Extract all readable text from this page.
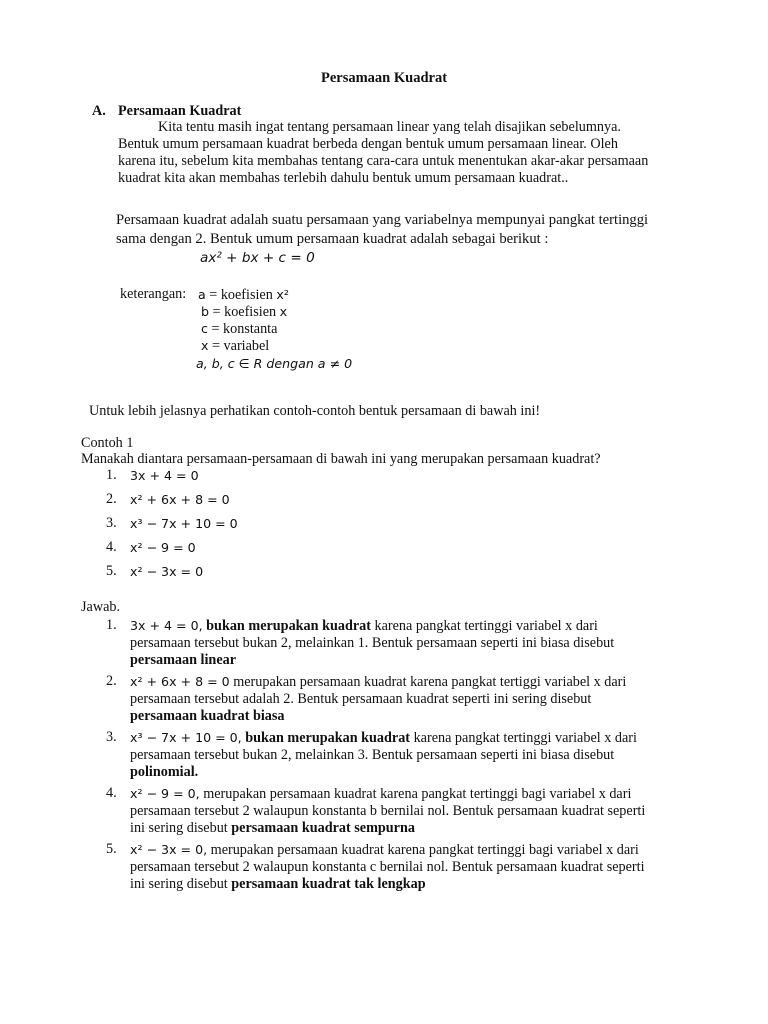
Persamaan Kuadrat
A. Persamaan Kuadrat

Kita tentu masih ingat tentang persamaan linear yang telah disajikan sebelumnya.

Bentuk umum persamaan kuadrat berbeda dengan bentuk umum persamaan linear. Oleh

karena itu, sebelum kita membahas tentang cara-cara untuk menentukan akar-akar persamaan

kuadrat kita akan membahas terlebih dahulu bentuk umum persamaan kuadrat..

Persamaan kuadrat adalah suatu persamaan yang variabelnya mempunyai pangkat tertinggi

sama dengan 2. Bentuk umum persamaan kuadrat adalah sebagai berikut :

ax² + bx + c = 0
keterangan: a = koefisien x²
b = koefisien x
c = konstanta
x = variabel
a, b, c ∈ R dengan a ≠ 0
Untuk lebih jelasnya perhatikan contoh-contoh bentuk persamaan di bawah ini!
Contoh 1
Manakah diantara persamaan-persamaan di bawah ini yang merupakan persamaan kuadrat?
1. 3x + 4 = 0
2. x² + 6x + 8 = 0
3. x³ − 7x + 10 = 0
4. x² − 9 = 0
5. x² − 3x = 0
Jawab.
1. 3x + 4 = 0, bukan merupakan kuadrat karena pangkat tertinggi variabel x dari

persamaan tersebut bukan 2, melainkan 1. Bentuk persamaan seperti ini biasa disebut

persamaan linear

2. x² + 6x + 8 = 0 merupakan persamaan kuadrat karena pangkat tertiggi variabel x dari

persamaan tersebut adalah 2. Bentuk persamaan kuadrat seperti ini sering disebut

persamaan kuadrat biasa

3. x³ − 7x + 10 = 0, bukan merupakan kuadrat karena pangkat tertinggi variabel x dari

persamaan tersebut bukan 2, melainkan 3. Bentuk persamaan seperti ini biasa disebut

polinomial.

4. x² − 9 = 0, merupakan persamaan kuadrat karena pangkat tertinggi bagi variabel x dari

persamaan tersebut 2 walaupun konstanta b bernilai nol. Bentuk persamaan kuadrat seperti

ini sering disebut persamaan kuadrat sempurna

5. x² − 3x = 0, merupakan persamaan kuadrat karena pangkat tertinggi bagi variabel x dari

persamaan tersebut 2 walaupun konstanta c bernilai nol. Bentuk persamaan kuadrat seperti

ini sering disebut persamaan kuadrat tak lengkap
